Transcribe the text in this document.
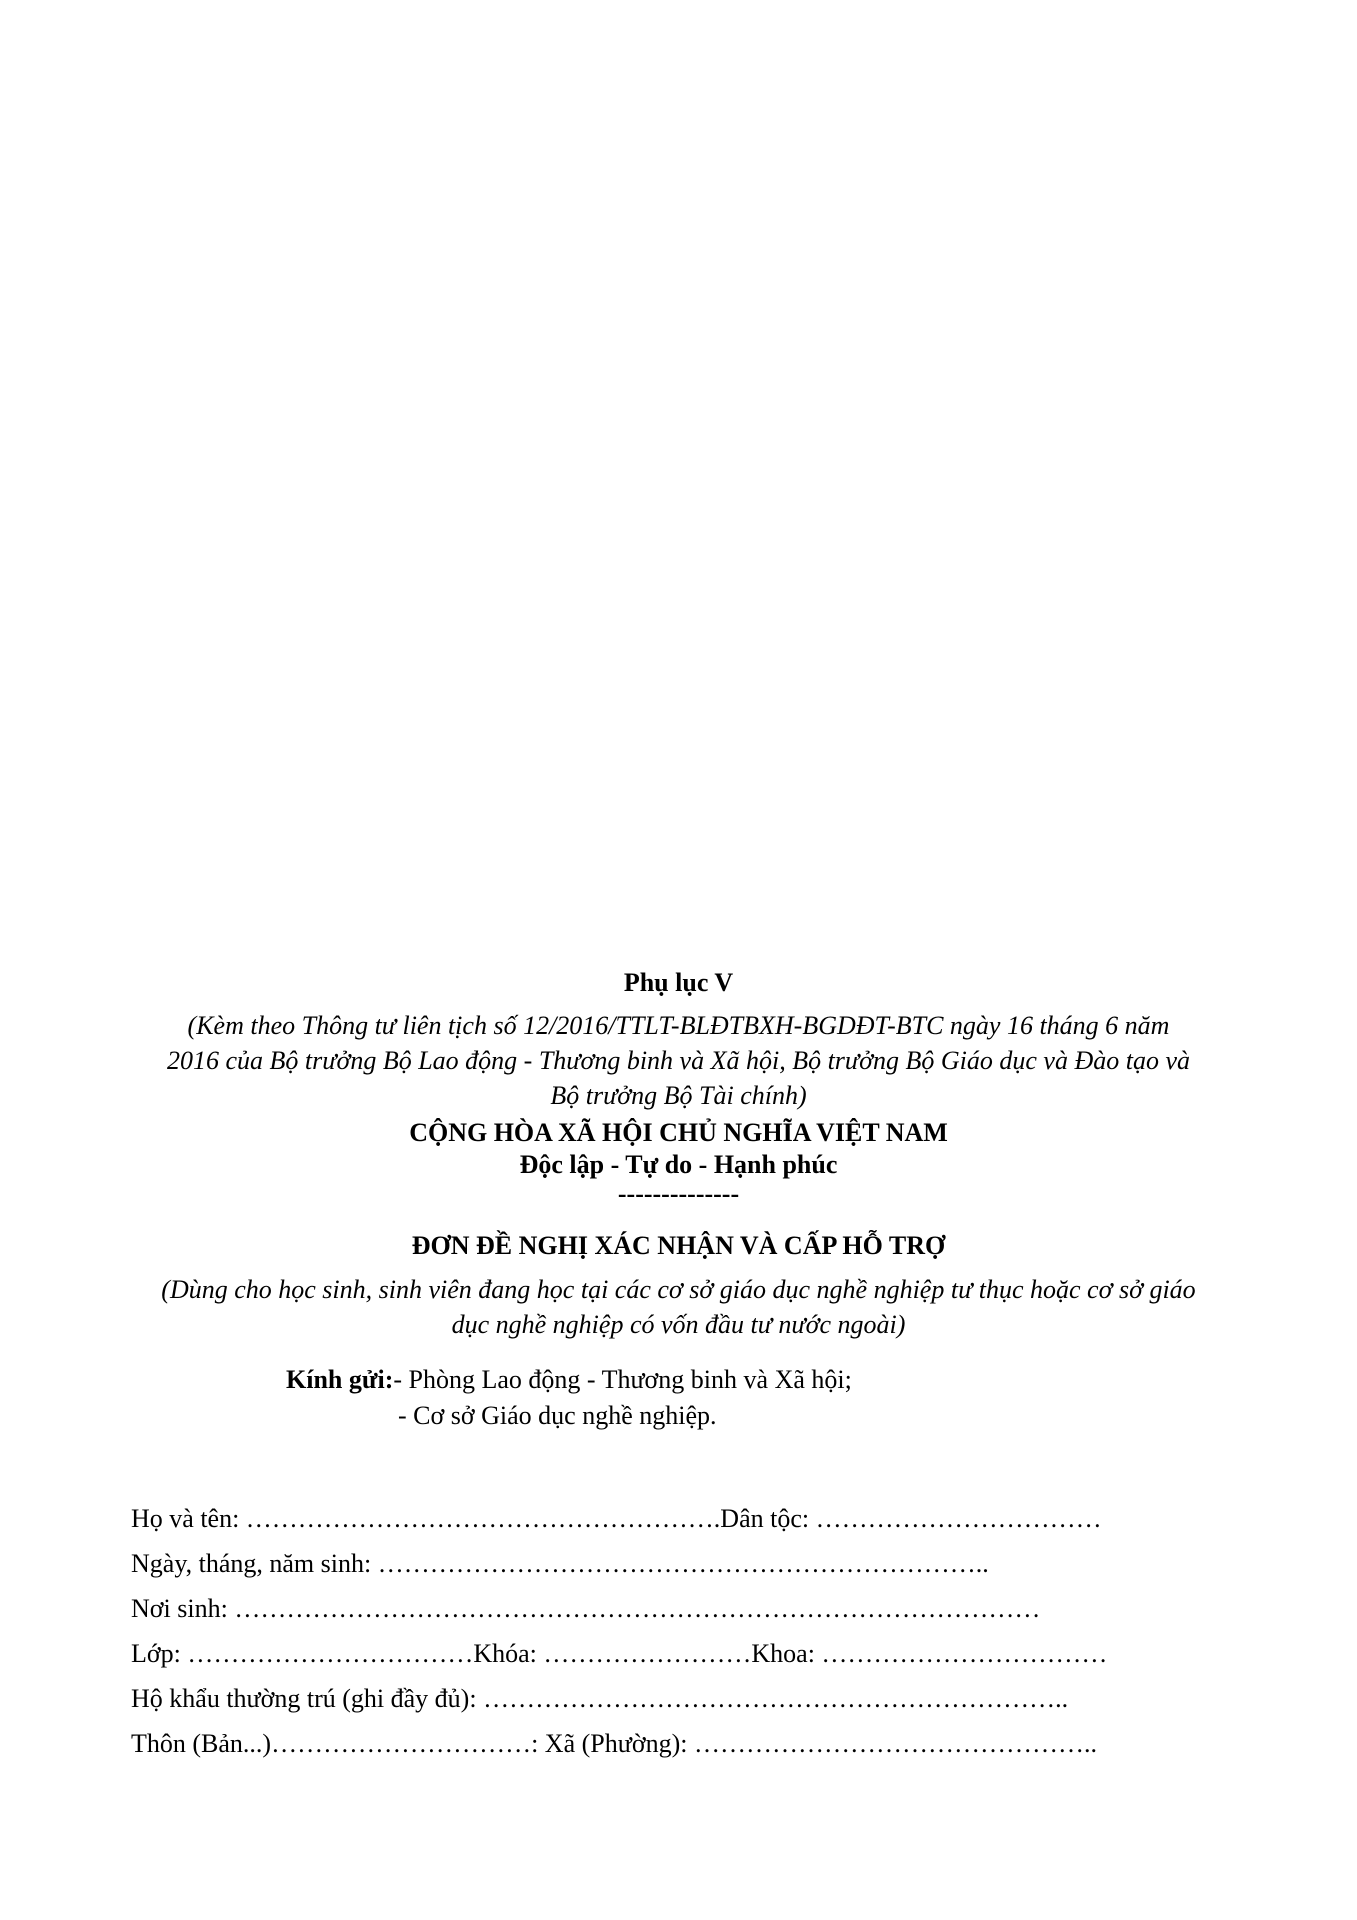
Phụ lục V
(Kèm theo Thông tư liên tịch số 12/2016/TTLT-BLĐTBXH-BGDĐT-BTC ngày 16 tháng 6 năm
2016 của Bộ trưởng Bộ Lao động - Thương binh và Xã hội, Bộ trưởng Bộ Giáo dục và Đào tạo và
Bộ trưởng Bộ Tài chính)
CỘNG HÒA XÃ HỘI CHỦ NGHĨA VIỆT NAM
Độc lập - Tự do - Hạnh phúc
--------------
ĐƠN ĐỀ NGHỊ XÁC NHẬN VÀ CẤP HỖ TRỢ
(Dùng cho học sinh, sinh viên đang học tại các cơ sở giáo dục nghề nghiệp tư thục hoặc cơ sở giáo
dục nghề nghiệp có vốn đầu tư nước ngoài)
Kính gửi:- Phòng Lao động - Thương binh và Xã hội;
- Cơ sở Giáo dục nghề nghiệp.
Họ và tên: ……………………………………………….Dân tộc: ……………………………
Ngày, tháng, năm sinh: ……………………………………………………………..
Nơi sinh: …………………………………………………………………………………
Lớp: ……………………………Khóa: ……………………Khoa: ……………………………
Hộ khẩu thường trú (ghi đầy đủ): …………………………………………………………..
Thôn (Bản...)…………………………: Xã (Phường): ………………………………………..
